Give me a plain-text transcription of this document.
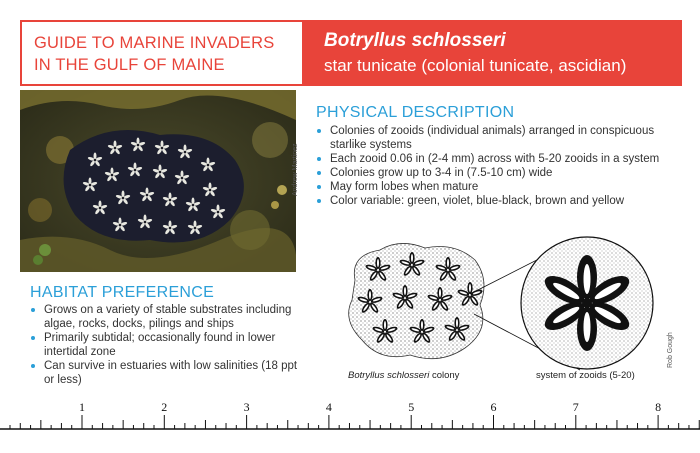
GUIDE TO MARINE INVADERS
IN THE GULF OF MAINE
Botryllus schlosseri
star tunicate (colonial tunicate, ascidian)
Andrew Martinez
PHYSICAL DESCRIPTION
Colonies of zooids (individual animals) arranged in conspicuous starlike systems
Each zooid 0.06 in (2-4 mm) across with 5-20 zooids in a system
Colonies grow up to 3-4 in (7.5-10 cm) wide
May form lobes when mature
Color variable: green, violet, blue-black, brown and yellow
HABITAT PREFERENCE
Grows on a variety of stable substrates including algae, rocks, docks, pilings and ships
Primarily subtidal; occasionally found in lower intertidal zone
Can survive in estuaries with low salinities (18 ppt or less)	Botryllus schlosseri colony	system of zooids (5-20)
Rob Gough
1	2	3	4	5	6	7	8
